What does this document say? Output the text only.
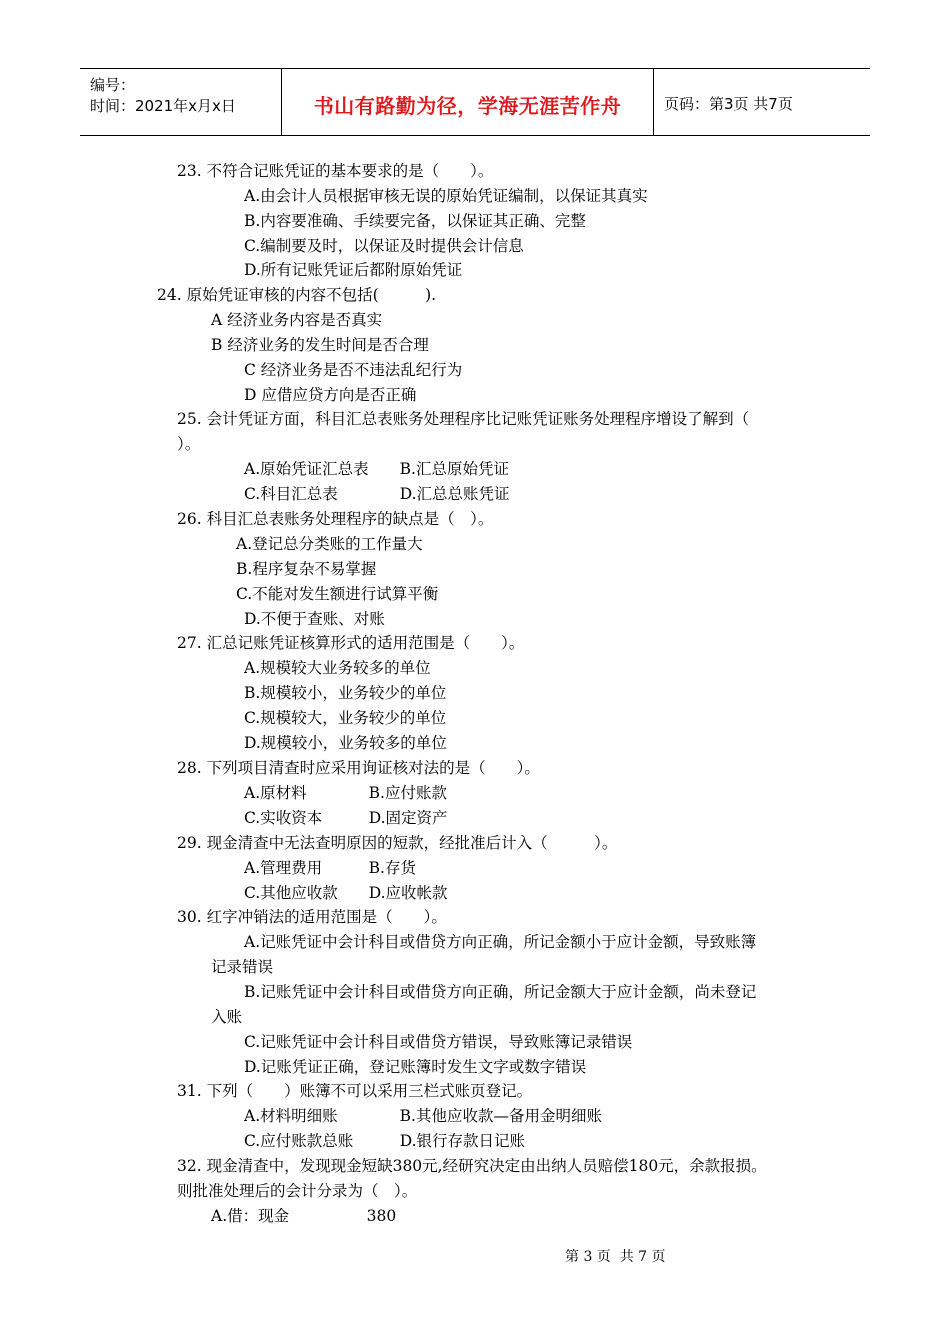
编号：
时间：2021年x月x日	书山有路勤为径，学海无涯苦作舟	页码：第3页 共7页
23. 不符合记账凭证的基本要求的是（　　）。
A.由会计人员根据审核无误的原始凭证编制，以保证其真实
B.内容要准确、手续要完备，以保证其正确、完整
C.编制要及时，以保证及时提供会计信息
D.所有记账凭证后都附原始凭证
24. 原始凭证审核的内容不包括(　　　).
A 经济业务内容是否真实
B 经济业务的发生时间是否合理
C 经济业务是否不违法乱纪行为
D 应借应贷方向是否正确
25. 会计凭证方面，科目汇总表账务处理程序比记账凭证账务处理程序增设了解到（
）。
A.原始凭证汇总表　　B.汇总原始凭证
C.科目汇总表　　　　D.汇总总账凭证
26. 科目汇总表账务处理程序的缺点是（　）。
A.登记总分类账的工作量大
B.程序复杂不易掌握
C.不能对发生额进行试算平衡
D.不便于查账、对账
27. 汇总记账凭证核算形式的适用范围是（　　）。
A.规模较大业务较多的单位
B.规模较小，业务较少的单位
C.规模较大，业务较少的单位
D.规模较小，业务较多的单位
28. 下列项目清查时应采用询证核对法的是（　　）。
A.原材料　　　　B.应付账款
C.实收资本　　　D.固定资产
29. 现金清查中无法查明原因的短款，经批准后计入（　　　）。
A.管理费用　　　B.存货
C.其他应收款　　D.应收帐款
30. 红字冲销法的适用范围是（　　）。
A.记账凭证中会计科目或借贷方向正确，所记金额小于应计金额，导致账簿
记录错误
B.记账凭证中会计科目或借贷方向正确，所记金额大于应计金额，尚未登记
入账
C.记账凭证中会计科目或借贷方错误，导致账簿记录错误
D.记账凭证正确，登记账簿时发生文字或数字错误
31. 下列（　　）账簿不可以采用三栏式账页登记。
A.材料明细账　　　　B.其他应收款—备用金明细账
C.应付账款总账　　　D.银行存款日记账
32. 现金清查中，发现现金短缺380元,经研究决定由出纳人员赔偿180元，余款报损。
则批准处理后的会计分录为（　）。
A.借：现金　　　　　380
第 3 页  共 7 页
